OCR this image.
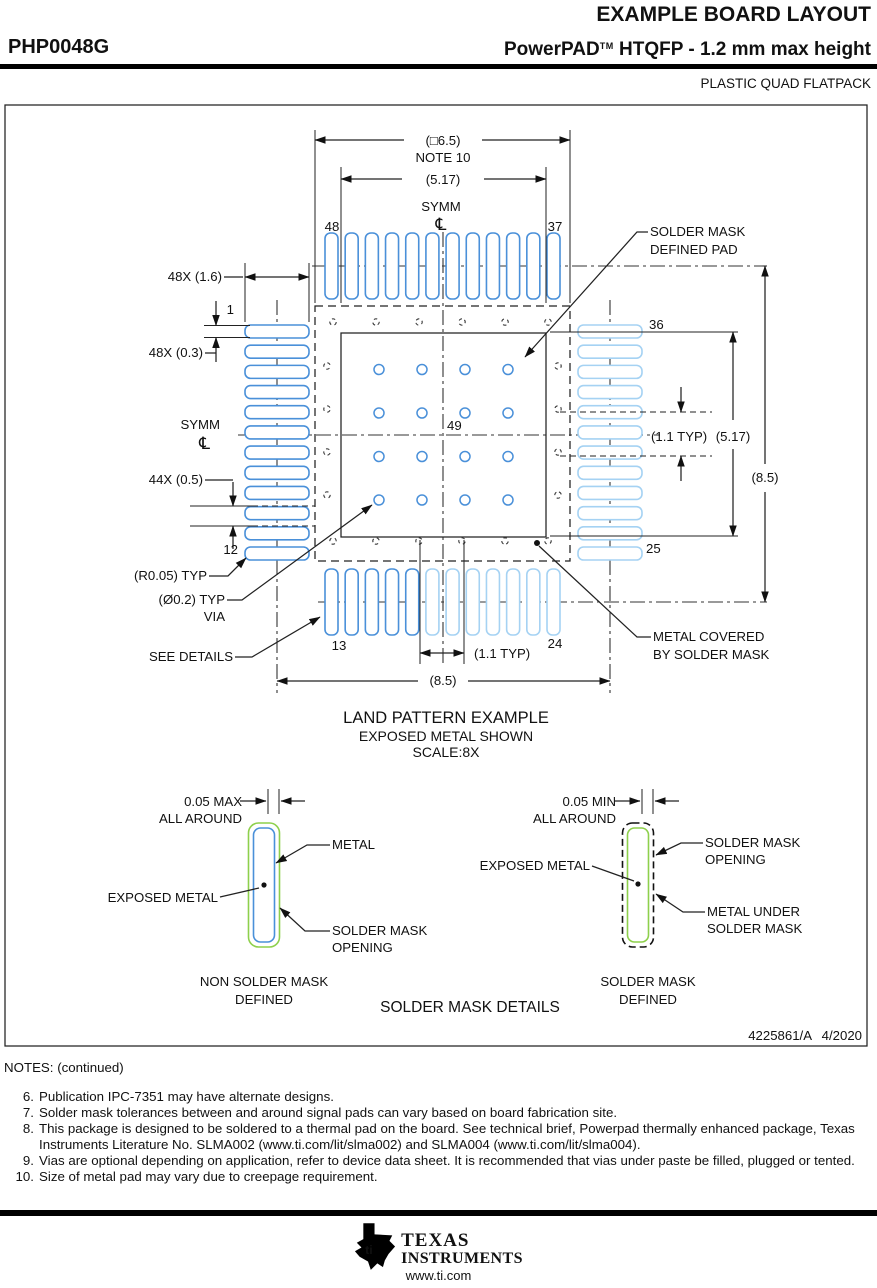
EXAMPLE BOARD LAYOUT
PHP0048G	PowerPAD™ HTQFP - 1.2 mm max height
PLASTIC QUAD FLATPACK
(□6.5)
NOTE 10
(5.17)
SYMM
℄
48	37
48X (1.6)
1
48X (0.3)
SYMM
℄
44X (0.5)
12
(R0.05) TYP
(Ø0.2) TYP
VIA
SEE DETAILS
13	24
(1.1 TYP)
(8.5)
36
25
(5.17)
(1.1 TYP)
(8.5)
SOLDER MASK
DEFINED PAD
METAL COVERED
BY SOLDER MASK
49
LAND PATTERN EXAMPLE
EXPOSED METAL SHOWN
SCALE:8X
0.05 MAX
ALL AROUND
METAL
EXPOSED METAL
SOLDER MASK
OPENING
NON SOLDER MASK
DEFINED
0.05 MIN
ALL AROUND
SOLDER MASK
OPENING
EXPOSED METAL
METAL UNDER
SOLDER MASK
SOLDER MASK
DEFINED
SOLDER MASK DETAILS
4225861/A 4/2020
NOTES: (continued)
6. Publication IPC-7351 may have alternate designs.
7. Solder mask tolerances between and around signal pads can vary based on board fabrication site.
8. This package is designed to be soldered to a thermal pad on the board. See technical brief, Powerpad thermally enhanced package, Texas Instruments Literature No. SLMA002 (www.ti.com/lit/slma002) and SLMA004 (www.ti.com/lit/slma004).
9. Vias are optional depending on application, refer to device data sheet. It is recommended that vias under paste be filled, plugged or tented.
10. Size of metal pad may vary due to creepage requirement.
ti TEXAS
INSTRUMENTS
www.ti.com
